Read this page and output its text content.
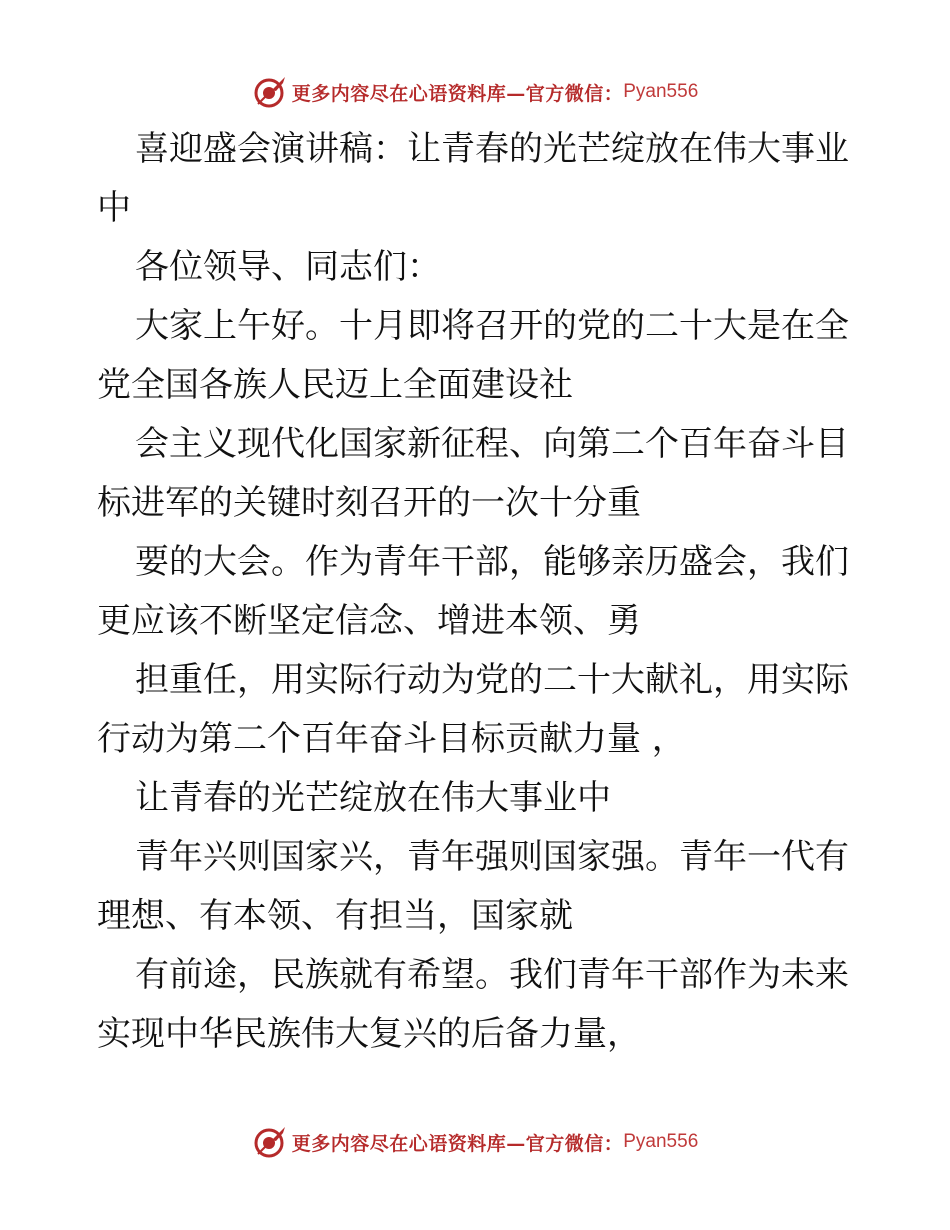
更多内容尽在心语资料库—官方微信： Pyan556

喜迎盛会演讲稿：让青春的光芒绽放在伟大事业中

各位领导、同志们：

大家上午好。十月即将召开的党的二十大是在全党全国各族人民迈上全面建设社

会主义现代化国家新征程、向第二个百年奋斗目标进军的关键时刻召开的一次十分重

要的大会。作为青年干部，能够亲历盛会，我们更应该不断坚定信念、增进本领、勇

担重任，用实际行动为党的二十大献礼，用实际行动为第二个百年奋斗目标贡献力量 ，

让青春的光芒绽放在伟大事业中

青年兴则国家兴，青年强则国家强。青年一代有理想、有本领、有担当，国家就

有前途，民族就有希望。我们青年干部作为未来实现中华民族伟大复兴的后备力量，

更多内容尽在心语资料库—官方微信： Pyan556
